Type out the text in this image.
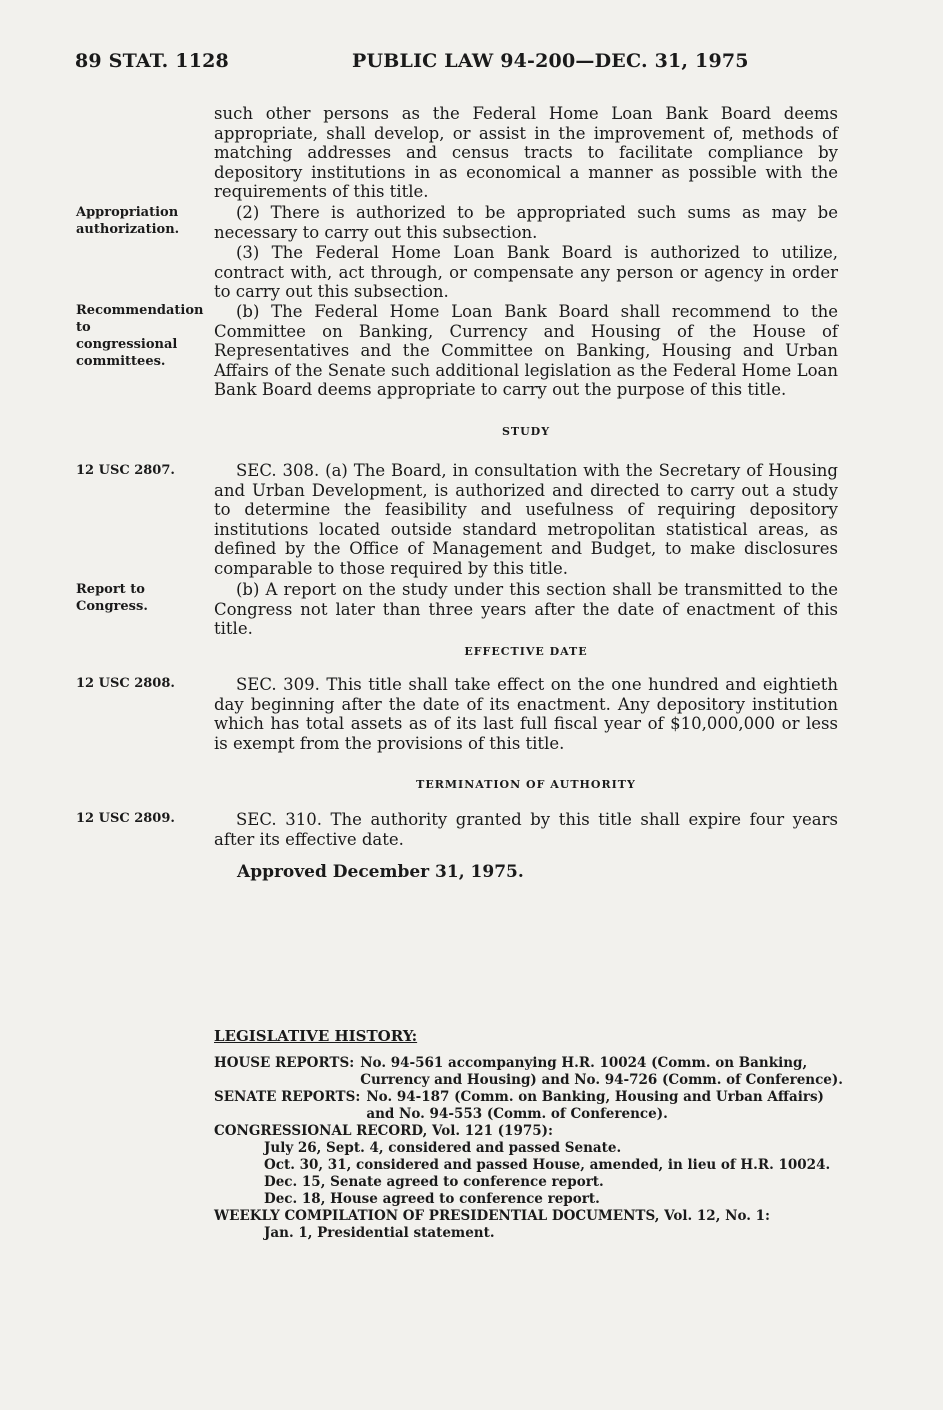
89 STAT. 1128	PUBLIC LAW 94-200—DEC. 31, 1975

such other persons as the Federal Home Loan Bank Board deems appropriate, shall develop, or assist in the improvement of, methods of matching addresses and census tracts to facilitate compliance by depository institutions in as economical a manner as possible with the requirements of this title.

Appropriation authorization.

(2) There is authorized to be appropriated such sums as may be necessary to carry out this subsection.

(3) The Federal Home Loan Bank Board is authorized to utilize, contract with, act through, or compensate any person or agency in order to carry out this subsection.

Recommendation to congressional committees.

(b) The Federal Home Loan Bank Board shall recommend to the Committee on Banking, Currency and Housing of the House of Representatives and the Committee on Banking, Housing and Urban Affairs of the Senate such additional legislation as the Federal Home Loan Bank Board deems appropriate to carry out the purpose of this title.

STUDY
12 USC 2807.	SEC. 308. (a) The Board, in consultation with the Secretary of Housing and Urban Development, is authorized and directed to carry out a study to determine the feasibility and usefulness of requiring depository institutions located outside standard metropolitan statistical areas, as defined by the Office of Management and Budget, to make disclosures comparable to those required by this title.

Report to Congress.

(b) A report on the study under this section shall be transmitted to the Congress not later than three years after the date of enactment of this title.

EFFECTIVE DATE
12 USC 2808.	SEC. 309. This title shall take effect on the one hundred and eightieth day beginning after the date of its enactment. Any depository institution which has total assets as of its last full fiscal year of $10,000,000 or less is exempt from the provisions of this title.

TERMINATION OF AUTHORITY
12 USC 2809.	SEC. 310. The authority granted by this title shall expire four years after its effective date.

Approved December 31, 1975.
LEGISLATIVE HISTORY:
HOUSE REPORTS: No. 94-561 accompanying H.R. 10024 (Comm. on Banking, Currency and Housing) and No. 94-726 (Comm. of Conference).
SENATE REPORTS: No. 94-187 (Comm. on Banking, Housing and Urban Affairs) and No. 94-553 (Comm. of Conference).
CONGRESSIONAL RECORD, Vol. 121 (1975):
July 26, Sept. 4, considered and passed Senate.
Oct. 30, 31, considered and passed House, amended, in lieu of H.R. 10024.
Dec. 15, Senate agreed to conference report.
Dec. 18, House agreed to conference report.
WEEKLY COMPILATION OF PRESIDENTIAL DOCUMENTS, Vol. 12, No. 1:
Jan. 1, Presidential statement.
